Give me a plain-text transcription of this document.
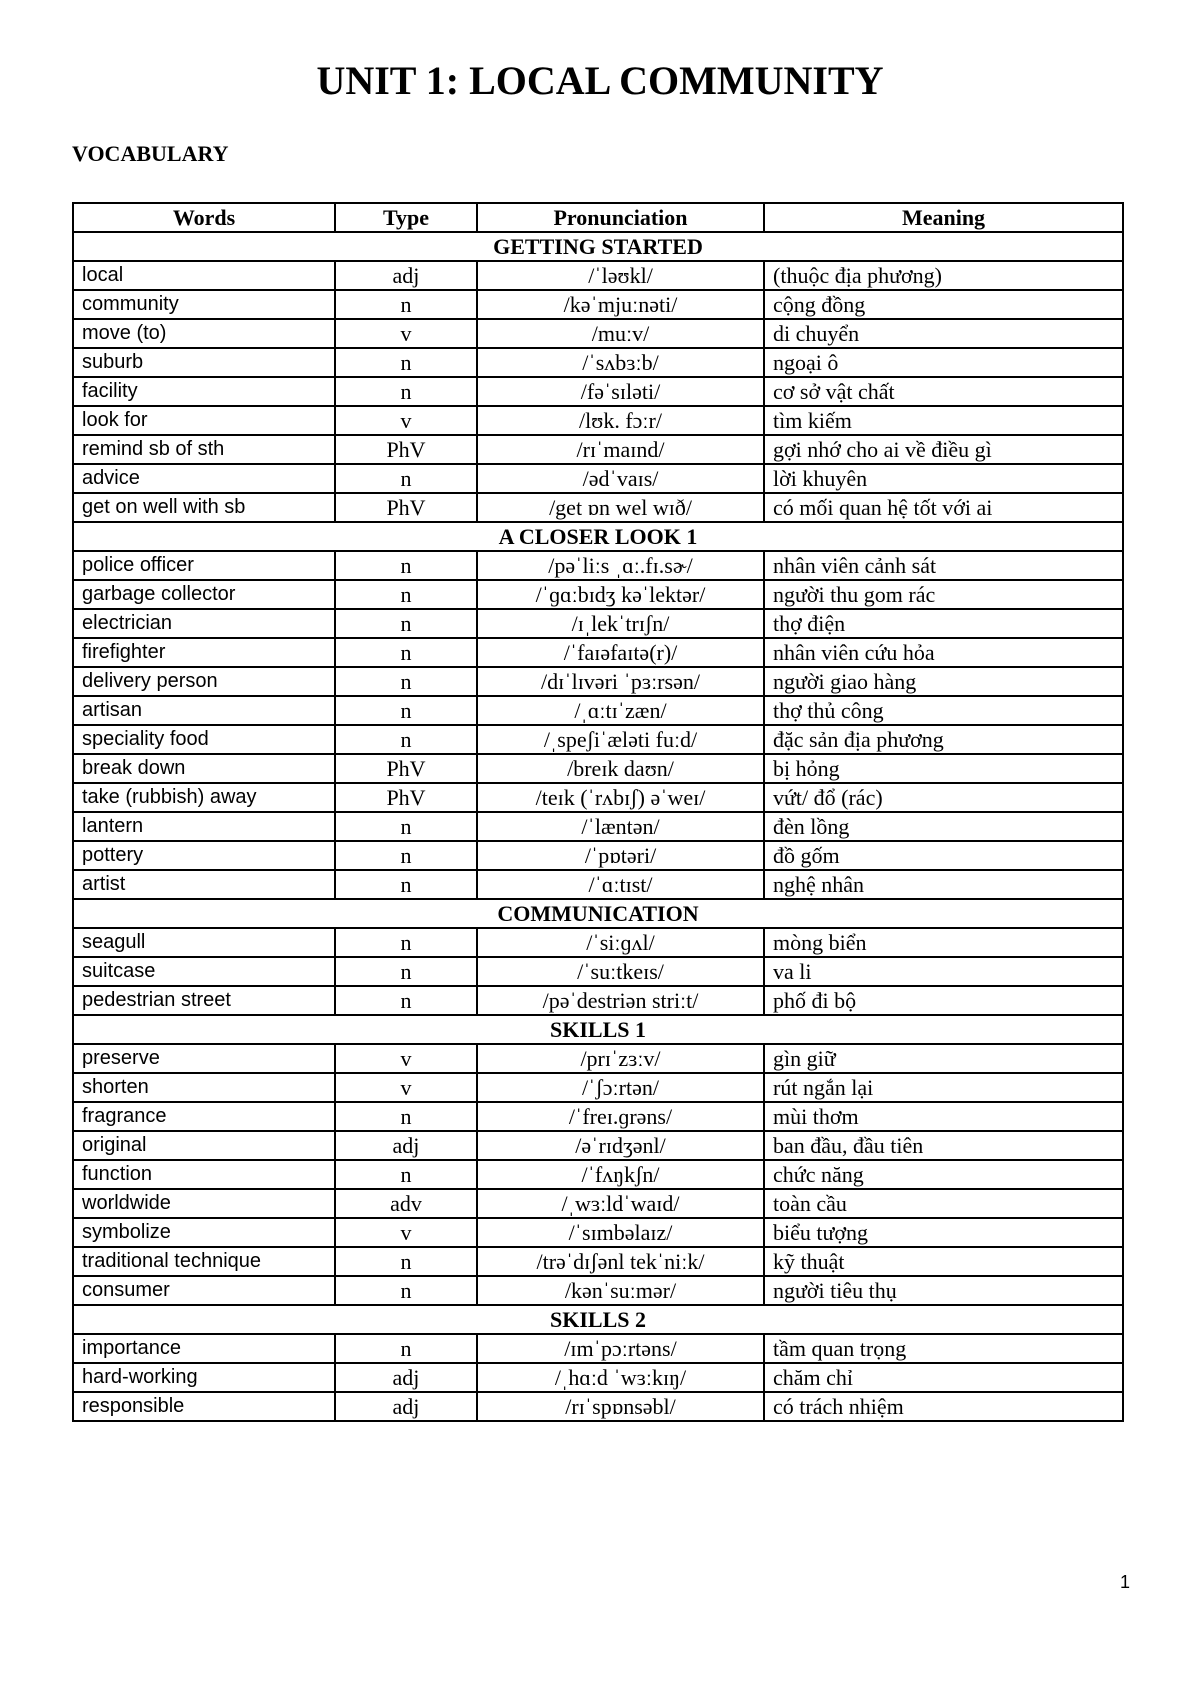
UNIT 1: LOCAL COMMUNITY
VOCABULARY
Words	Type	Pronunciation	Meaning
GETTING STARTED			
local	adj	/ˈləʊkl/	(thuộc địa phương)
community	n	/kəˈmjuːnəti/	cộng đồng
move (to)	v	/muːv/	di chuyển
suburb	n	/ˈsʌbɜːb/	ngoại ô
facility	n	/fəˈsɪləti/	cơ sở vật chất
look for	v	/lʊk. fɔːr/	tìm kiếm
remind sb of sth	PhV	/rɪˈmaɪnd/	gợi nhớ cho ai về điều gì
advice	n	/ədˈvaɪs/	lời khuyên
get on well with sb	PhV	/get ɒn wel wɪð/	có mối quan hệ tốt với ai
A CLOSER LOOK 1			
police officer	n	/pəˈliːs ˌɑː.fɪ.sɚ/	nhân viên cảnh sát
garbage collector	n	/ˈɡɑːbɪdʒ kəˈlektər/	người thu gom rác
electrician	n	/ɪˌlekˈtrɪʃn/	thợ điện
firefighter	n	/ˈfaɪəfaɪtə(r)/	nhân viên cứu hỏa
delivery person	n	/dɪˈlɪvəri ˈpɜːrsən/	người giao hàng
artisan	n	/ˌɑːtɪˈzæn/	thợ thủ công
speciality food	n	/ˌspeʃiˈæləti fuːd/	đặc sản địa phương
break down	PhV	/breɪk daʊn/	bị hỏng
take (rubbish) away	PhV	/teɪk (ˈrʌbɪʃ) əˈweɪ/	vứt/ đổ (rác)
lantern	n	/ˈlæntən/	đèn lồng
pottery	n	/ˈpɒtəri/	đồ gốm
artist	n	/ˈɑːtɪst/	nghệ nhân
COMMUNICATION			
seagull	n	/ˈsiːɡʌl/	mòng biển
suitcase	n	/ˈsuːtkeɪs/	va li
pedestrian street	n	/pəˈdestriən striːt/	phố đi bộ
SKILLS 1			
preserve	v	/prɪˈzɜːv/	gìn giữ
shorten	v	/ˈʃɔːrtən/	rút ngắn lại
fragrance	n	/ˈfreɪ.ɡrəns/	mùi thơm
original	adj	/əˈrɪdʒənl/	ban đầu, đầu tiên
function	n	/ˈfʌŋkʃn/	chức năng
worldwide	adv	/ˌwɜːldˈwaɪd/	toàn cầu
symbolize	v	/ˈsɪmbəlaɪz/	biểu tượng
traditional technique	n	/trəˈdɪʃənl tekˈniːk/	kỹ thuật
consumer	n	/kənˈsuːmər/	người tiêu thụ
SKILLS 2			
importance	n	/ɪmˈpɔːrtəns/	tầm quan trọng
hard-working	adj	/ˌhɑːd ˈwɜːkɪŋ/	chăm chỉ
responsible	adj	/rɪˈspɒnsəbl/	có trách nhiệm
1
